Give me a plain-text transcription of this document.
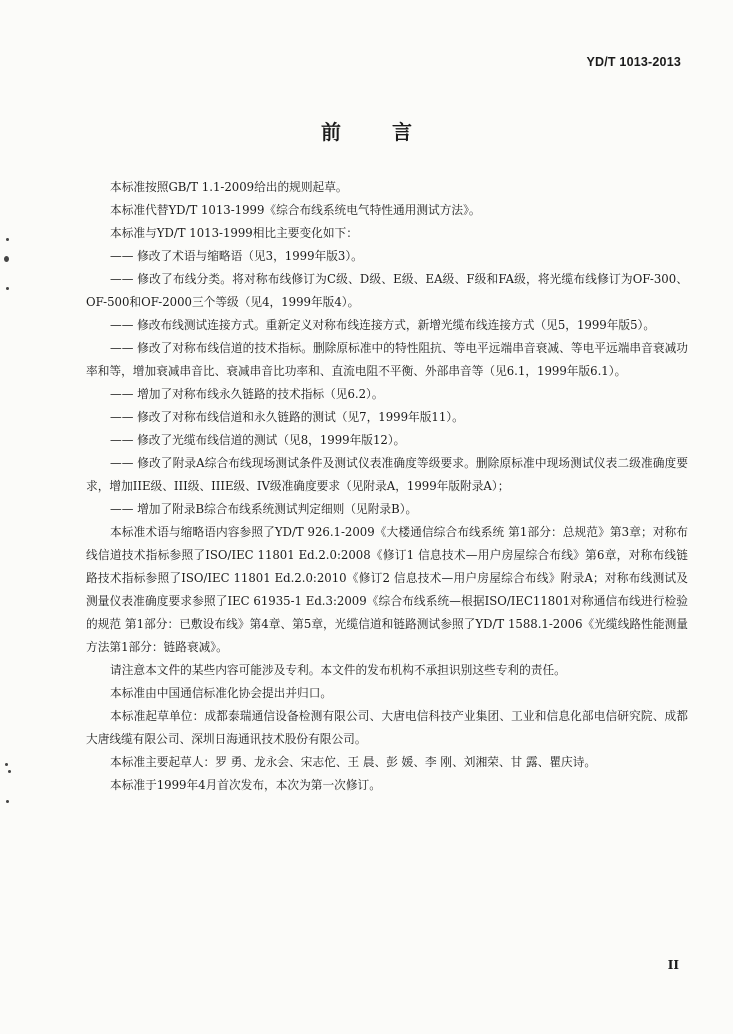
YD/T 1013-2013
前 言

本标准按照GB/T 1.1-2009给出的规则起草。

本标准代替YD/T 1013-1999《综合布线系统电气特性通用测试方法》。

本标准与YD/T 1013-1999相比主要变化如下：

—— 修改了术语与缩略语（见3，1999年版3）。

—— 修改了布线分类。将对称布线修订为C级、D级、E级、EA级、F级和FA级，将光缆布线修订为OF-300、OF-500和OF-2000三个等级（见4，1999年版4）。

—— 修改布线测试连接方式。重新定义对称布线连接方式，新增光缆布线连接方式（见5，1999年版5）。

—— 修改了对称布线信道的技术指标。删除原标准中的特性阻抗、等电平远端串音衰减、等电平远端串音衰减功率和等，增加衰减串音比、衰减串音比功率和、直流电阻不平衡、外部串音等（见6.1，1999年版6.1）。

—— 增加了对称布线永久链路的技术指标（见6.2）。

—— 修改了对称布线信道和永久链路的测试（见7，1999年版11）。

—— 修改了光缆布线信道的测试（见8，1999年版12）。

—— 修改了附录A综合布线现场测试条件及测试仪表准确度等级要求。删除原标准中现场测试仪表二级准确度要求，增加IIE级、III级、IIIE级、IV级准确度要求（见附录A，1999年版附录A）；

—— 增加了附录B综合布线系统测试判定细则（见附录B）。

本标准术语与缩略语内容参照了YD/T 926.1-2009《大楼通信综合布线系统 第1部分：总规范》第3章；对称布线信道技术指标参照了ISO/IEC 11801 Ed.2.0:2008《修订1 信息技术—用户房屋综合布线》第6章，对称布线链路技术指标参照了ISO/IEC 11801 Ed.2.0:2010《修订2 信息技术—用户房屋综合布线》附录A；对称布线测试及测量仪表准确度要求参照了IEC 61935-1 Ed.3:2009《综合布线系统—根据ISO/IEC11801对称通信布线进行检验的规范 第1部分：已敷设布线》第4章、第5章，光缆信道和链路测试参照了YD/T 1588.1-2006《光缆线路性能测量方法第1部分：链路衰减》。

请注意本文件的某些内容可能涉及专利。本文件的发布机构不承担识别这些专利的责任。

本标准由中国通信标准化协会提出并归口。

本标准起草单位：成都泰瑞通信设备检测有限公司、大唐电信科技产业集团、工业和信息化部电信研究院、成都大唐线缆有限公司、深圳日海通讯技术股份有限公司。

本标准主要起草人：罗 勇、龙永会、宋志佗、王 晨、彭 媛、李 刚、刘湘荣、甘 露、瞿庆诗。

本标准于1999年4月首次发布，本次为第一次修订。

II
